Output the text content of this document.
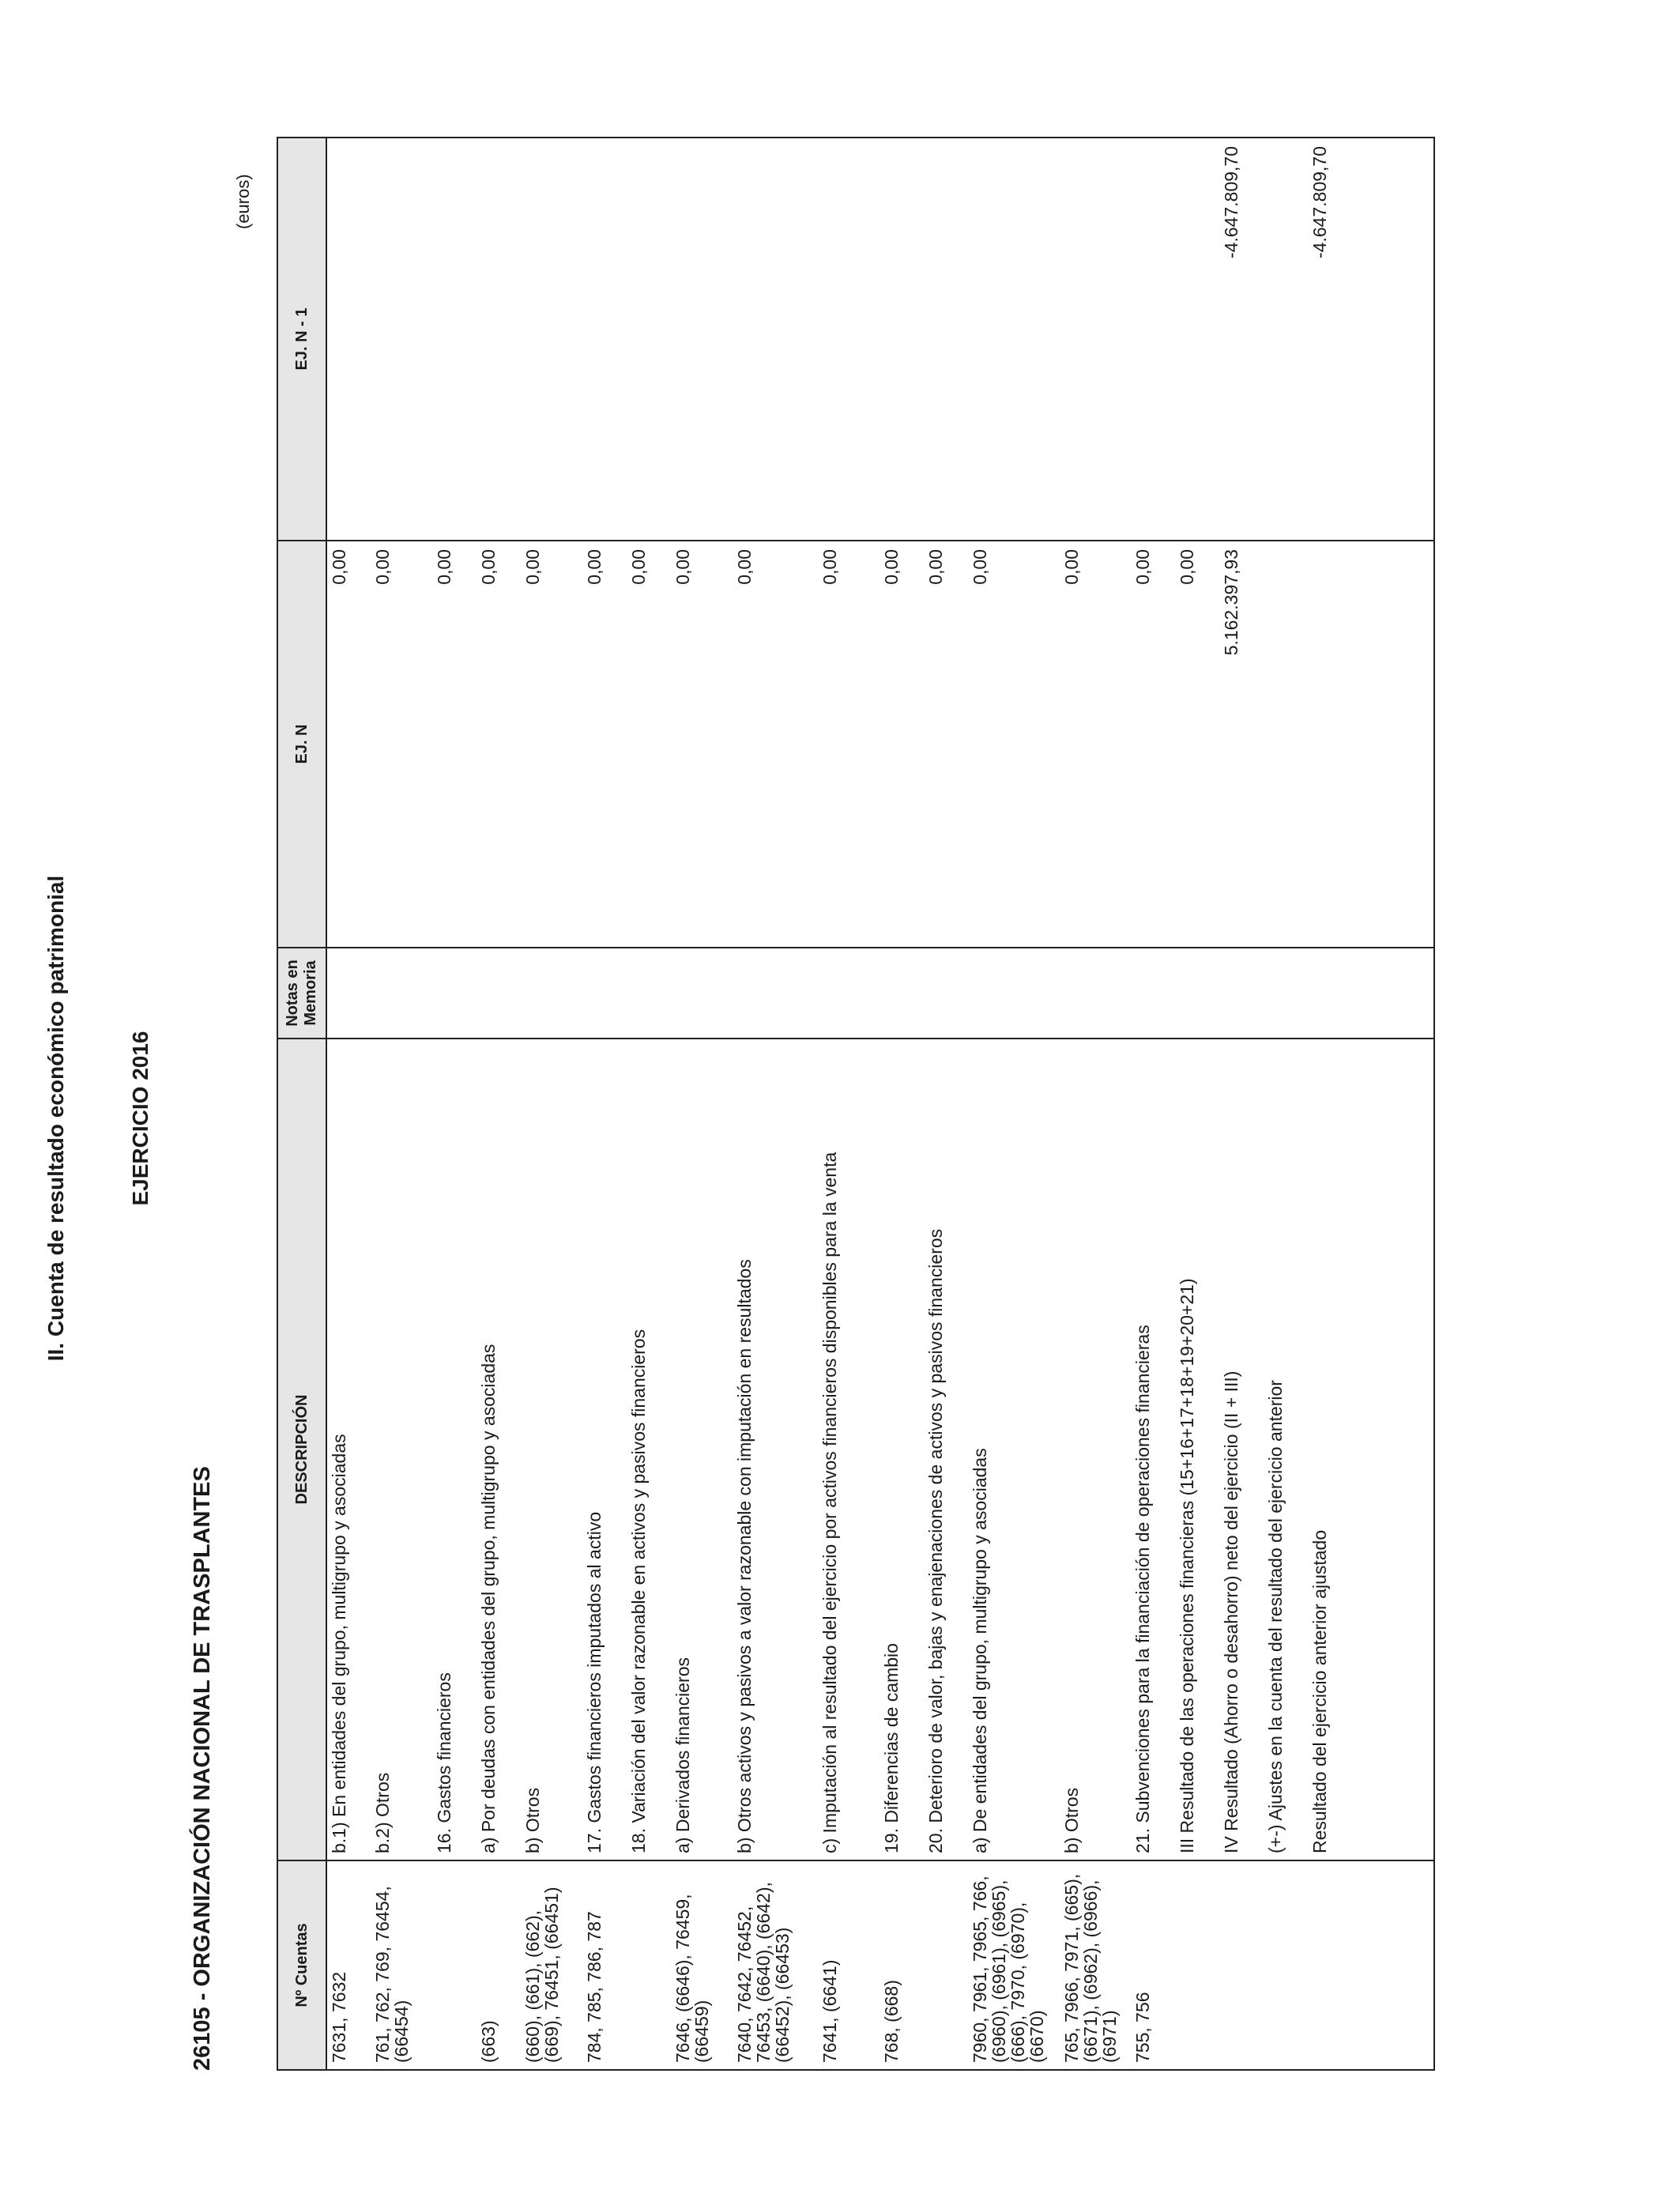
II. Cuenta de resultado económico patrimonial	EJERCICIO 2016
26105 - ORGANIZACIÓN NACIONAL DE TRASPLANTES
(euros)
Nº Cuentas	DESCRIPCIÓN	Notas en Memoria	EJ. N	EJ. N - 1
7631, 7632	b.1) En entidades del grupo, multigrupo y asociadas		0,00	
761, 762, 769, 76454, (66454)	b.2) Otros		0,00	
	16. Gastos financieros		0,00	
(663)	a) Por deudas con entidades del grupo, multigrupo y asociadas		0,00	
(660), (661), (662), (669), 76451, (66451)	b) Otros		0,00	
784, 785, 786, 787	17. Gastos financieros imputados al activo		0,00	
	18. Variación del valor razonable en activos y pasivos financieros		0,00	
7646, (6646), 76459, (66459)	a) Derivados financieros		0,00	
7640, 7642, 76452, 76453, (6640), (6642), (66452), (66453)	b) Otros activos y pasivos a valor razonable con imputación en resultados		0,00	
7641, (6641)	c) Imputación al resultado del ejercicio por activos financieros disponibles para la venta		0,00	
768, (668)	19. Diferencias de cambio		0,00	
	20. Deterioro de valor, bajas y enajenaciones de activos y pasivos financieros		0,00	
7960, 7961, 7965, 766, (6960), (6961), (6965), (666), 7970, (6970), (6670)	a) De entidades del grupo, multigrupo y asociadas		0,00	
765, 7966, 7971, (665), (6671), (6962), (6966), (6971)	b) Otros		0,00	
755, 756	21. Subvenciones para la financiación de operaciones financieras		0,00	
	III Resultado de las operaciones financieras (15+16+17+18+19+20+21)		0,00	
	IV Resultado (Ahorro o desahorro) neto del ejercicio (II + III)		5.162.397,93	-4.647.809,70
	(+-) Ajustes en la cuenta del resultado del ejercicio anterior			
	Resultado del ejercicio anterior ajustado			-4.647.809,70
